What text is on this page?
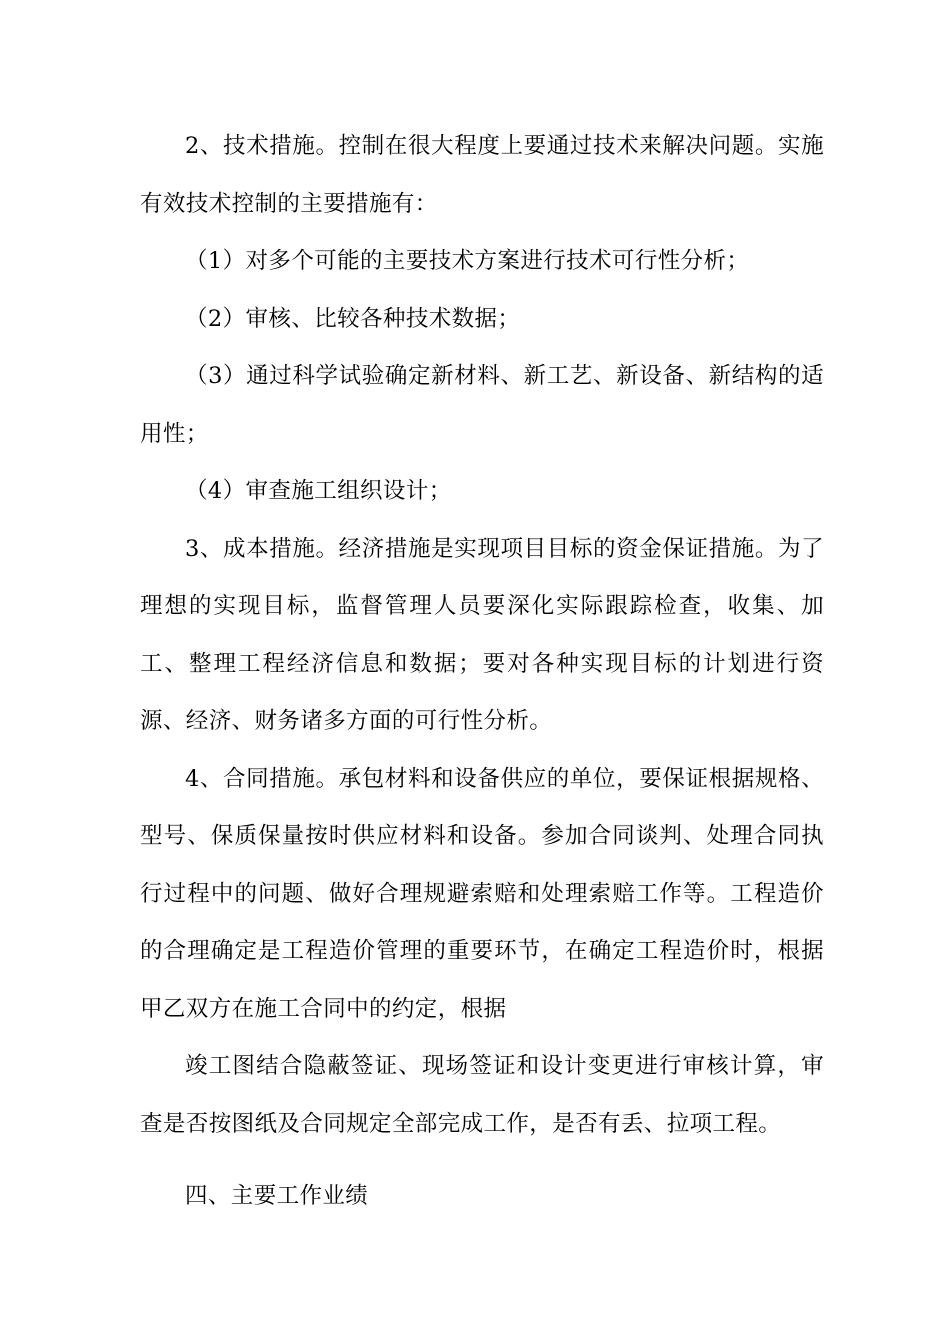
2、技术措施。控制在很大程度上要通过技术来解决问题。实施有效技术控制的主要措施有：

（1）对多个可能的主要技术方案进行技术可行性分析；

（2）审核、比较各种技术数据；

（3）通过科学试验确定新材料、新工艺、新设备、新结构的适用性；

（4）审查施工组织设计；

3、成本措施。经济措施是实现项目目标的资金保证措施。为了理想的实现目标，监督管理人员要深化实际跟踪检查，收集、加工、整理工程经济信息和数据；要对各种实现目标的计划进行资源、经济、财务诸多方面的可行性分析。

4、合同措施。承包材料和设备供应的单位，要保证根据规格、型号、保质保量按时供应材料和设备。参加合同谈判、处理合同执行过程中的问题、做好合理规避索赔和处理索赔工作等。工程造价的合理确定是工程造价管理的重要环节，在确定工程造价时，根据甲乙双方在施工合同中的约定，根据

竣工图结合隐蔽签证、现场签证和设计变更进行审核计算，审查是否按图纸及合同规定全部完成工作，是否有丢、拉项工程。

四、主要工作业绩
